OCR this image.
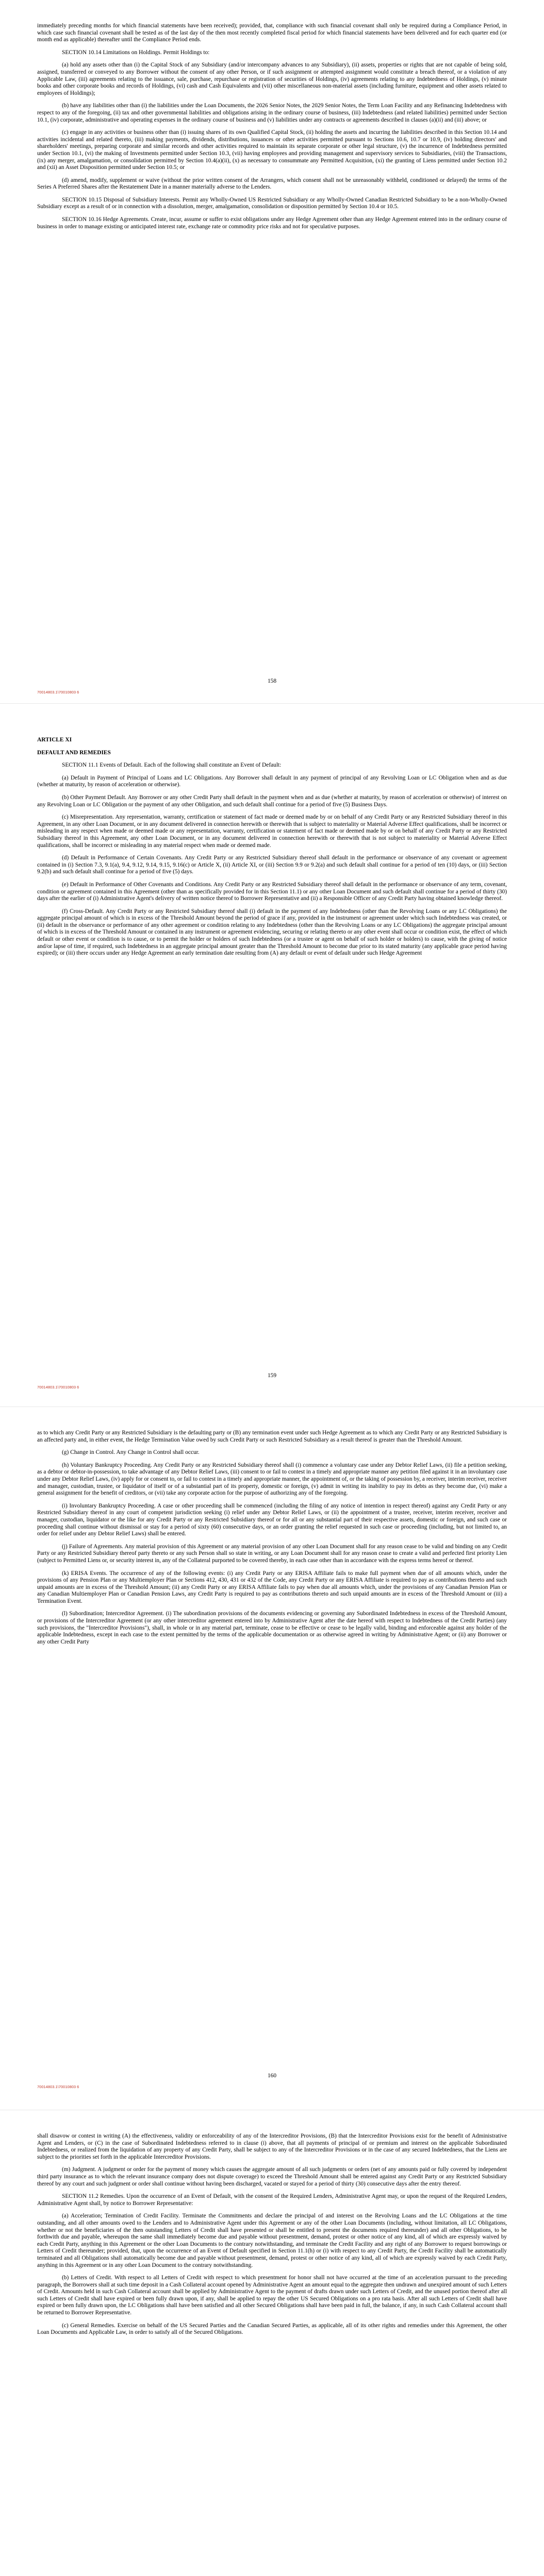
immediately preceding months for which financial statements have been received); provided, that, compliance with such financial covenant shall only be required during a Compliance Period, in which case such financial covenant shall be tested as of the last day of the then most recently completed fiscal period for which financial statements have been delivered and for each quarter end (or month end as applicable) thereafter until the Compliance Period ends.

SECTION 10.14 Limitations on Holdings. Permit Holdings to:

(a) hold any assets other than (i) the Capital Stock of any Subsidiary (and/or intercompany advances to any Subsidiary), (ii) assets, properties or rights that are not capable of being sold, assigned, transferred or conveyed to any Borrower without the consent of any other Person, or if such assignment or attempted assignment would constitute a breach thereof, or a violation of any Applicable Law, (iii) agreements relating to the issuance, sale, purchase, repurchase or registration of securities of Holdings, (iv) agreements relating to any Indebtedness of Holdings, (v) minute books and other corporate books and records of Holdings, (vi) cash and Cash Equivalents and (vii) other miscellaneous non-material assets (including furniture, equipment and other assets related to employees of Holdings);

(b) have any liabilities other than (i) the liabilities under the Loan Documents, the 2026 Senior Notes, the 2029 Senior Notes, the Term Loan Facility and any Refinancing Indebtedness with respect to any of the foregoing, (ii) tax and other governmental liabilities and obligations arising in the ordinary course of business, (iii) Indebtedness (and related liabilities) permitted under Section 10.1, (iv) corporate, administrative and operating expenses in the ordinary course of business and (v) liabilities under any contracts or agreements described in clauses (a)(ii) and (iii) above; or

(c) engage in any activities or business other than (i) issuing shares of its own Qualified Capital Stock, (ii) holding the assets and incurring the liabilities described in this Section 10.14 and activities incidental and related thereto, (iii) making payments, dividends, distributions, issuances or other activities permitted pursuant to Sections 10.6, 10.7 or 10.9, (iv) holding directors' and shareholders' meetings, preparing corporate and similar records and other activities required to maintain its separate corporate or other legal structure, (v) the incurrence of Indebtedness permitted under Section 10.1, (vi) the making of Investments permitted under Section 10.3, (vii) having employees and providing management and supervisory services to Subsidiaries, (viii) the Transactions, (ix) any merger, amalgamation, or consolidation permitted by Section 10.4(a)(ii), (x) as necessary to consummate any Permitted Acquisition, (xi) the granting of Liens permitted under Section 10.2 and (xii) an Asset Disposition permitted under Section 10.5; or

(d) amend, modify, supplement or waive (without the prior written consent of the Arrangers, which consent shall not be unreasonably withheld, conditioned or delayed) the terms of the Series A Preferred Shares after the Restatement Date in a manner materially adverse to the Lenders.

SECTION 10.15 Disposal of Subsidiary Interests. Permit any Wholly-Owned US Restricted Subsidiary or any Wholly-Owned Canadian Restricted Subsidiary to be a non-Wholly-Owned Subsidiary except as a result of or in connection with a dissolution, merger, amalgamation, consolidation or disposition permitted by Section 10.4 or 10.5.

SECTION 10.16 Hedge Agreements. Create, incur, assume or suffer to exist obligations under any Hedge Agreement other than any Hedge Agreement entered into in the ordinary course of business in order to manage existing or anticipated interest rate, exchange rate or commodity price risks and not for speculative purposes.

158
70014803.1\70010803 6

ARTICLE XI

DEFAULT AND REMEDIES

SECTION 11.1 Events of Default. Each of the following shall constitute an Event of Default:

(a) Default in Payment of Principal of Loans and LC Obligations. Any Borrower shall default in any payment of principal of any Revolving Loan or LC Obligation when and as due (whether at maturity, by reason of acceleration or otherwise).

(b) Other Payment Default. Any Borrower or any other Credit Party shall default in the payment when and as due (whether at maturity, by reason of acceleration or otherwise) of interest on any Revolving Loan or LC Obligation or the payment of any other Obligation, and such default shall continue for a period of five (5) Business Days.

(c) Misrepresentation. Any representation, warranty, certification or statement of fact made or deemed made by or on behalf of any Credit Party or any Restricted Subsidiary thereof in this Agreement, in any other Loan Document, or in any document delivered in connection herewith or therewith that is subject to materiality or Material Adverse Effect qualifications, shall be incorrect or misleading in any respect when made or deemed made or any representation, warranty, certification or statement of fact made or deemed made by or on behalf of any Credit Party or any Restricted Subsidiary thereof in this Agreement, any other Loan Document, or in any document delivered in connection herewith or therewith that is not subject to materiality or Material Adverse Effect qualifications, shall be incorrect or misleading in any material respect when made or deemed made.

(d) Default in Performance of Certain Covenants. Any Credit Party or any Restricted Subsidiary thereof shall default in the performance or observance of any covenant or agreement contained in (i) Section 7.3, 9.1(a), 9.4, 9.12, 9.14, 9.15, 9.16(c) or Article X, (ii) Article XI, or (iii) Section 9.9 or 9.2(a) and such default shall continue for a period of ten (10) days, or (iii) Section 9.2(b) and such default shall continue for a period of five (5) days.

(e) Default in Performance of Other Covenants and Conditions. Any Credit Party or any Restricted Subsidiary thereof shall default in the performance or observance of any term, covenant, condition or agreement contained in this Agreement (other than as specifically provided for in this Section 11.1) or any other Loan Document and such default shall continue for a period of thirty (30) days after the earlier of (i) Administrative Agent's delivery of written notice thereof to Borrower Representative and (ii) a Responsible Officer of any Credit Party having obtained knowledge thereof.

(f) Cross-Default. Any Credit Party or any Restricted Subsidiary thereof shall (i) default in the payment of any Indebtedness (other than the Revolving Loans or any LC Obligations) the aggregate principal amount of which is in excess of the Threshold Amount beyond the period of grace if any, provided in the instrument or agreement under which such Indebtedness was created, or (ii) default in the observance or performance of any other agreement or condition relating to any Indebtedness (other than the Revolving Loans or any LC Obligations) the aggregate principal amount of which is in excess of the Threshold Amount or contained in any instrument or agreement evidencing, securing or relating thereto or any other event shall occur or condition exist, the effect of which default or other event or condition is to cause, or to permit the holder or holders of such Indebtedness (or a trustee or agent on behalf of such holder or holders) to cause, with the giving of notice and/or lapse of time, if required, such Indebtedness in an aggregate principal amount greater than the Threshold Amount to become due prior to its stated maturity (any applicable grace period having expired); or (iii) there occurs under any Hedge Agreement an early termination date resulting from (A) any default or event of default under such Hedge Agreement

159
70014803.1\70010803 6

as to which any Credit Party or any Restricted Subsidiary is the defaulting party or (B) any termination event under such Hedge Agreement as to which any Credit Party or any Restricted Subsidiary is an affected party and, in either event, the Hedge Termination Value owed by such Credit Party or such Restricted Subsidiary as a result thereof is greater than the Threshold Amount.

(g) Change in Control. Any Change in Control shall occur.

(h) Voluntary Bankruptcy Proceeding. Any Credit Party or any Restricted Subsidiary thereof shall (i) commence a voluntary case under any Debtor Relief Laws, (ii) file a petition seeking, as a debtor or debtor-in-possession, to take advantage of any Debtor Relief Laws, (iii) consent to or fail to contest in a timely and appropriate manner any petition filed against it in an involuntary case under any Debtor Relief Laws, (iv) apply for or consent to, or fail to contest in a timely and appropriate manner, the appointment of, or the taking of possession by, a receiver, interim receiver, receiver and manager, custodian, trustee, or liquidator of itself or of a substantial part of its property, domestic or foreign, (v) admit in writing its inability to pay its debts as they become due, (vi) make a general assignment for the benefit of creditors, or (vii) take any corporate action for the purpose of authorizing any of the foregoing.

(i) Involuntary Bankruptcy Proceeding. A case or other proceeding shall be commenced (including the filing of any notice of intention in respect thereof) against any Credit Party or any Restricted Subsidiary thereof in any court of competent jurisdiction seeking (i) relief under any Debtor Relief Laws, or (ii) the appointment of a trustee, receiver, interim receiver, receiver and manager, custodian, liquidator or the like for any Credit Party or any Restricted Subsidiary thereof or for all or any substantial part of their respective assets, domestic or foreign, and such case or proceeding shall continue without dismissal or stay for a period of sixty (60) consecutive days, or an order granting the relief requested in such case or proceeding (including, but not limited to, an order for relief under any Debtor Relief Laws) shall be entered.

(j) Failure of Agreements. Any material provision of this Agreement or any material provision of any other Loan Document shall for any reason cease to be valid and binding on any Credit Party or any Restricted Subsidiary thereof party thereto or any such Person shall so state in writing, or any Loan Document shall for any reason cease to create a valid and perfected first priority Lien (subject to Permitted Liens or, or security interest in, any of the Collateral purported to be covered thereby, in each case other than in accordance with the express terms hereof or thereof.

(k) ERISA Events. The occurrence of any of the following events: (i) any Credit Party or any ERISA Affiliate fails to make full payment when due of all amounts which, under the provisions of any Pension Plan or any Multiemployer Plan or Sections 412, 430, 431 or 432 of the Code, any Credit Party or any ERISA Affiliate is required to pay as contributions thereto and such unpaid amounts are in excess of the Threshold Amount; (ii) any Credit Party or any ERISA Affiliate fails to pay when due all amounts which, under the provisions of any Canadian Pension Plan or any Canadian Multiemployer Plan or Canadian Pension Laws, any Credit Party is required to pay as contributions thereto and such unpaid amounts are in excess of the Threshold Amount or (iii) a Termination Event.

(l) Subordination; Intercreditor Agreement. (i) The subordination provisions of the documents evidencing or governing any Subordinated Indebtedness in excess of the Threshold Amount, or provisions of the Intercreditor Agreement (or any other intercreditor agreement entered into by Administrative Agent after the date hereof with respect to Indebtedness of the Credit Parties) (any such provisions, the "Intercreditor Provisions"), shall, in whole or in any material part, terminate, cease to be effective or cease to be legally valid, binding and enforceable against any holder of the applicable Indebtedness, except in each case to the extent permitted by the terms of the applicable documentation or as otherwise agreed in writing by Administrative Agent; or (ii) any Borrower or any other Credit Party

160
70014803.1\70010803 6

shall disavow or contest in writing (A) the effectiveness, validity or enforceability of any of the Intercreditor Provisions, (B) that the Intercreditor Provisions exist for the benefit of Administrative Agent and Lenders, or (C) in the case of Subordinated Indebtedness referred to in clause (i) above, that all payments of principal of or premium and interest on the applicable Subordinated Indebtedness, or realized from the liquidation of any property of any Credit Party, shall be subject to any of the Intercreditor Provisions or in the case of any secured Indebtedness, that the Liens are subject to the priorities set forth in the applicable Intercreditor Provisions.

(m) Judgment. A judgment or order for the payment of money which causes the aggregate amount of all such judgments or orders (net of any amounts paid or fully covered by independent third party insurance as to which the relevant insurance company does not dispute coverage) to exceed the Threshold Amount shall be entered against any Credit Party or any Restricted Subsidiary thereof by any court and such judgment or order shall continue without having been discharged, vacated or stayed for a period of thirty (30) consecutive days after the entry thereof.

SECTION 11.2 Remedies. Upon the occurrence of an Event of Default, with the consent of the Required Lenders, Administrative Agent may, or upon the request of the Required Lenders, Administrative Agent shall, by notice to Borrower Representative:

(a) Acceleration; Termination of Credit Facility. Terminate the Commitments and declare the principal of and interest on the Revolving Loans and the LC Obligations at the time outstanding, and all other amounts owed to the Lenders and to Administrative Agent under this Agreement or any of the other Loan Documents (including, without limitation, all LC Obligations, whether or not the beneficiaries of the then outstanding Letters of Credit shall have presented or shall be entitled to present the documents required thereunder) and all other Obligations, to be forthwith due and payable, whereupon the same shall immediately become due and payable without presentment, demand, protest or other notice of any kind, all of which are expressly waived by each Credit Party, anything in this Agreement or the other Loan Documents to the contrary notwithstanding, and terminate the Credit Facility and any right of any Borrower to request borrowings or Letters of Credit thereunder; provided, that, upon the occurrence of an Event of Default specified in Section 11.1(h) or (i) with respect to any Credit Party, the Credit Facility shall be automatically terminated and all Obligations shall automatically become due and payable without presentment, demand, protest or other notice of any kind, all of which are expressly waived by each Credit Party, anything in this Agreement or in any other Loan Document to the contrary notwithstanding.

(b) Letters of Credit. With respect to all Letters of Credit with respect to which presentment for honor shall not have occurred at the time of an acceleration pursuant to the preceding paragraph, the Borrowers shall at such time deposit in a Cash Collateral account opened by Administrative Agent an amount equal to the aggregate then undrawn and unexpired amount of such Letters of Credit. Amounts held in such Cash Collateral account shall be applied by Administrative Agent to the payment of drafts drawn under such Letters of Credit, and the unused portion thereof after all such Letters of Credit shall have expired or been fully drawn upon, if any, shall be applied to repay the other US Secured Obligations on a pro rata basis. After all such Letters of Credit shall have expired or been fully drawn upon, the LC Obligations shall have been satisfied and all other Secured Obligations shall have been paid in full, the balance, if any, in such Cash Collateral account shall be returned to Borrower Representative.

(c) General Remedies. Exercise on behalf of the US Secured Parties and the Canadian Secured Parties, as applicable, all of its other rights and remedies under this Agreement, the other Loan Documents and Applicable Law, in order to satisfy all of the Secured Obligations.
